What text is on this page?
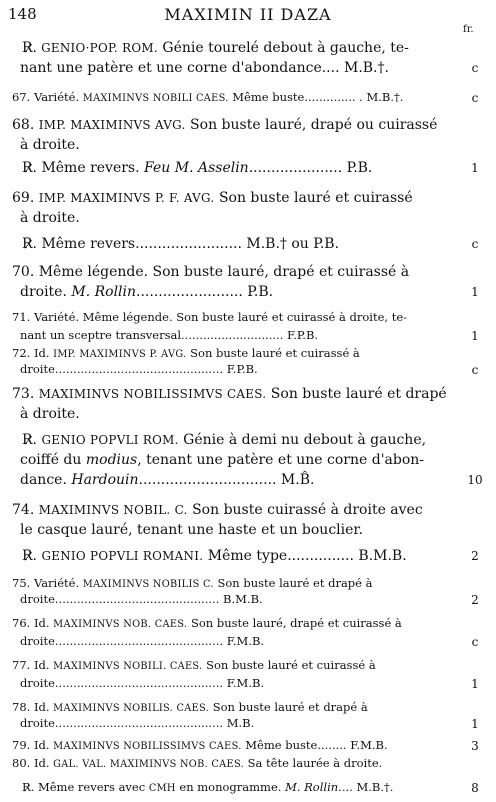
148	MAXIMIN II DAZA
fr.
R̷. GENIO·POP. ROM. Génie tourelé debout à gauche, te-
nant une patère et une corne d'abondance.... M.B.†.	c
67. Variété. MAXIMINVS NOBILI CAES. Même buste.............. . M.B.†.	c
68. IMP. MAXIMINVS AVG. Son buste lauré, drapé ou cuirassé
à droite.
R̷. Même revers. Feu M. Asselin..................... P.B.	1
69. IMP. MAXIMINVS P. F. AVG. Son buste lauré et cuirassé
à droite.
R̷. Même revers........................ M.B.† ou P.B.	c
70. Même légende. Son buste lauré, drapé et cuirassé à
droite. M. Rollin........................ P.B.	1
71. Variété. Même légende. Son buste lauré et cuirassé à droite, te-
nant un sceptre transversal............................ F.P.B.	1
72. Id. IMP. MAXIMINVS P. AVG. Son buste lauré et cuirassé à
droite.............................................. F.P.B.	c
73. MAXIMINVS NOBILISSIMVS CAES. Son buste lauré et drapé
à droite.
R̷. GENIO POPVLI ROM. Génie à demi nu debout à gauche,
coiffé du modius, tenant une patère et une corne d'abon-
dance. Hardouin............................... M.B̂.	10
74. MAXIMINVS NOBIL. C. Son buste cuirassé à droite avec
le casque lauré, tenant une haste et un bouclier.
R̷. GENIO POPVLI ROMANI. Même type............... B.M.B.	2
75. Variété. MAXIMINVS NOBILIS C. Son buste lauré et drapé à
droite............................................. B.M.B.	2
76. Id. MAXIMINVS NOB. CAES. Son buste lauré, drapé et cuirassé à
droite.............................................. F.M.B.	c
77. Id. MAXIMINVS NOBILI. CAES. Son buste lauré et cuirassé à
droite.............................................. F.M.B.	1
78. Id. MAXIMINVS NOBILIS. CAES. Son buste lauré et drapé à
droite.............................................. M.B.	1
79. Id. MAXIMINVS NOBILISSIMVS CAES. Même buste........ F.M.B.	3
80. Id. GAL. VAL. MAXIMINVS NOB. CAES. Sa tête laurée à droite.
R̷. Même revers avec CMH en monogramme. M. Rollin.... M.B.†.	8
